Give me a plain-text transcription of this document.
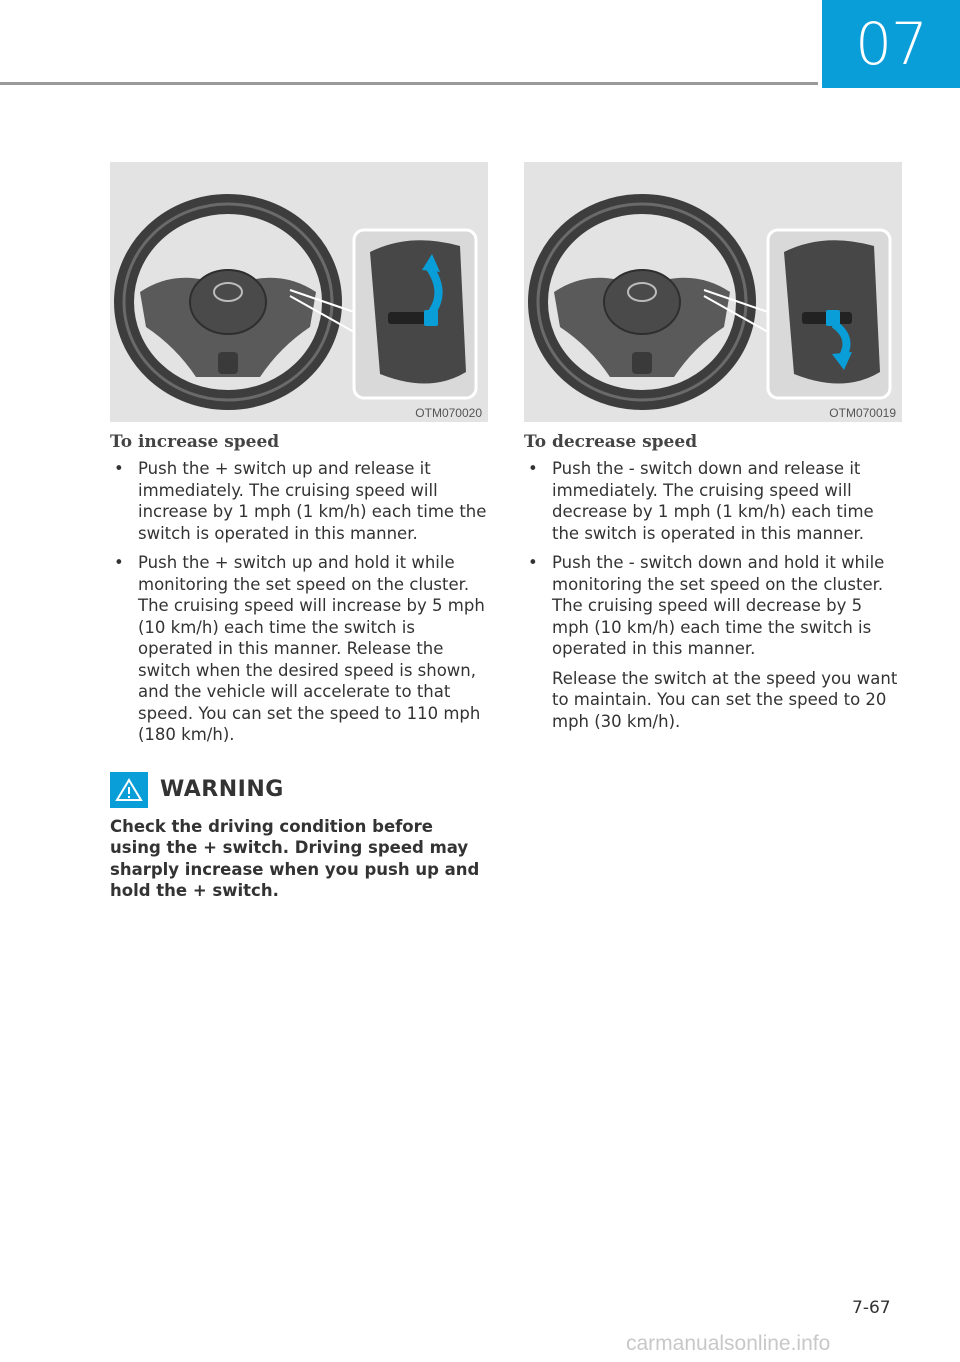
07
OTM070020
To increase speed
• Push the + switch up and release it immediately. The cruising speed will increase by 1 mph (1 km/h) each time the switch is operated in this manner.
• Push the + switch up and hold it while monitoring the set speed on the cluster. The cruising speed will increase by 5 mph (10 km/h) each time the switch is operated in this manner. Release the switch when the desired speed is shown, and the vehicle will accelerate to that speed. You can set the speed to 110 mph (180 km/h).
WARNING
Check the driving condition before using the + switch. Driving speed may sharply increase when you push up and hold the + switch.
OTM070019
To decrease speed
• Push the - switch down and release it immediately. The cruising speed will decrease by 1 mph (1 km/h) each time the switch is operated in this manner.
• Push the - switch down and hold it while monitoring the set speed on the cluster. The cruising speed will decrease by 5 mph (10 km/h) each time the switch is operated in this manner.
Release the switch at the speed you want to maintain. You can set the speed to 20 mph (30 km/h).
7-67
carmanualsonline.info
